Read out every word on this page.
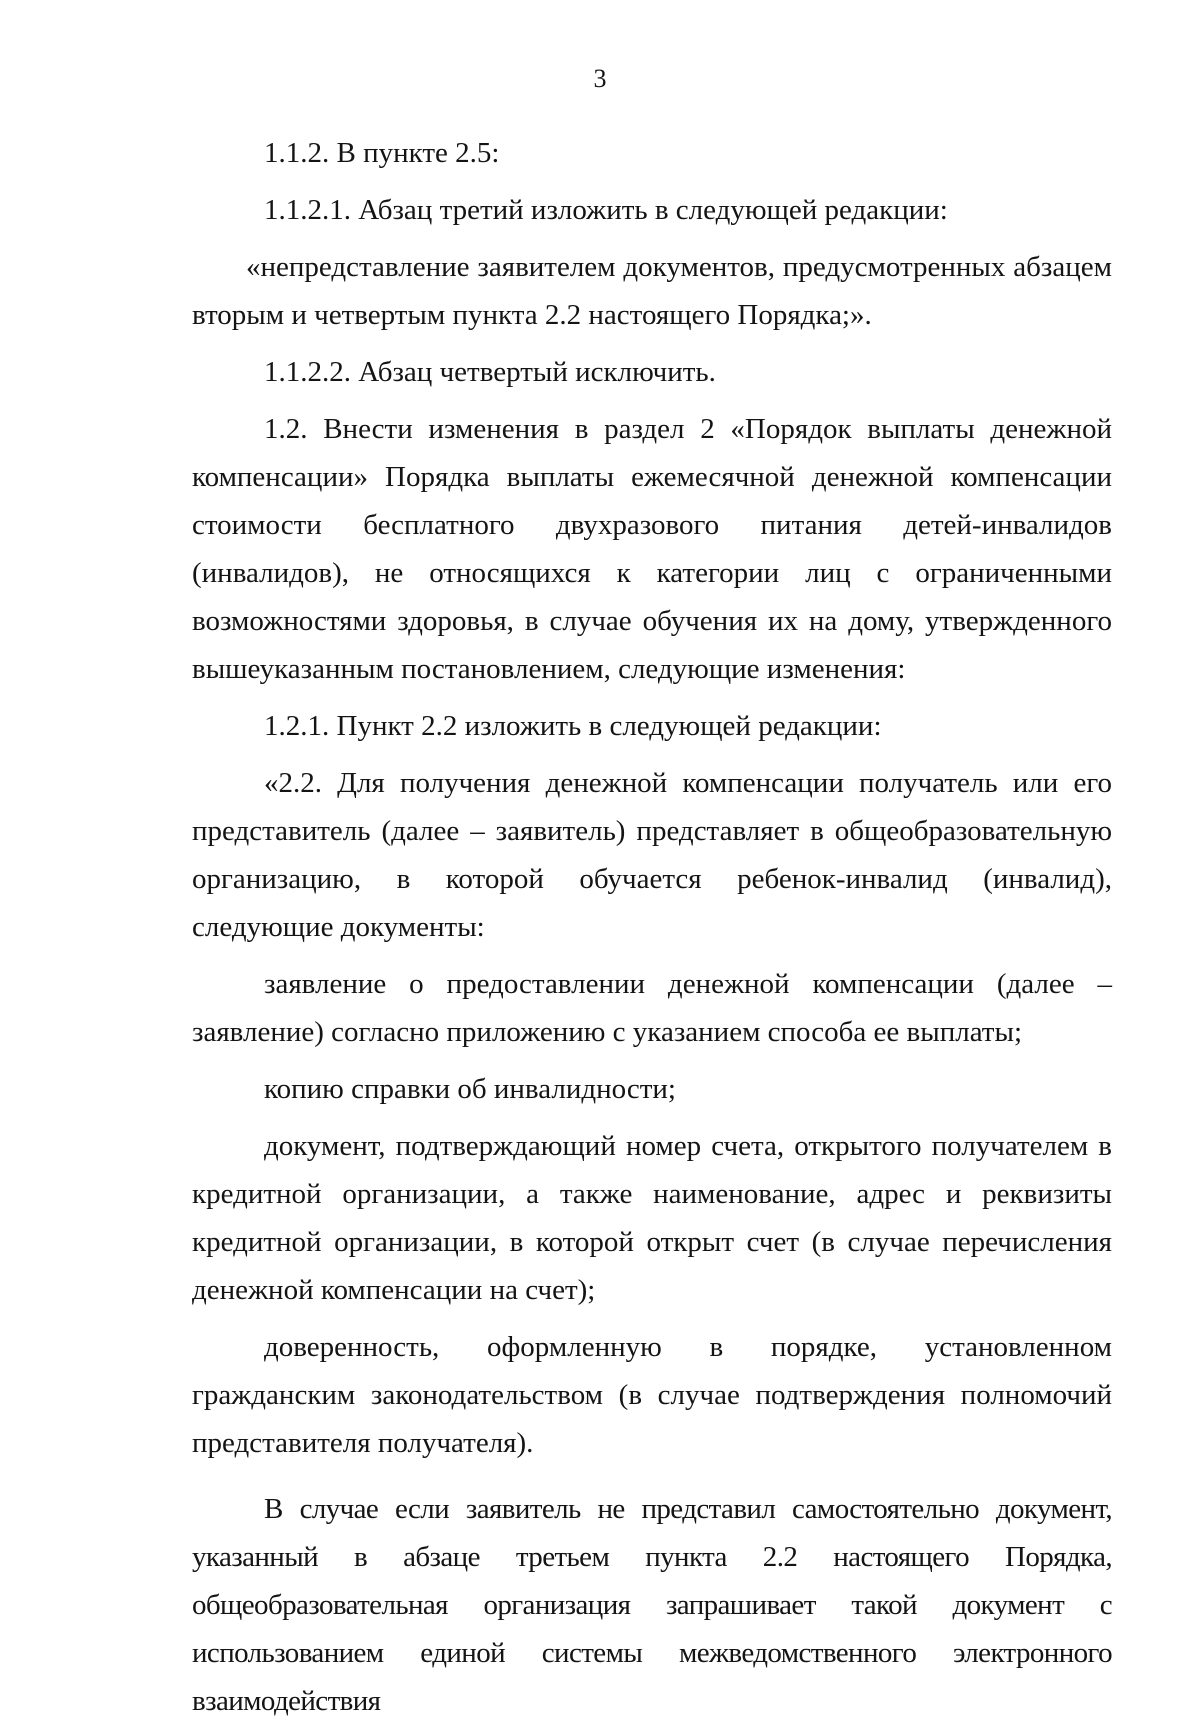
3

1.1.2. В пункте 2.5:

1.1.2.1. Абзац третий изложить в следующей редакции:

«непредставление заявителем документов, предусмотренных абзацем вторым и четвертым пункта 2.2 настоящего Порядка;».

1.1.2.2. Абзац четвертый исключить.

1.2. Внести изменения в раздел 2 «Порядок выплаты денежной компенсации» Порядка выплаты ежемесячной денежной компенсации стоимости бесплатного двухразового питания детей-инвалидов (инвалидов), не относящихся к категории лиц с ограниченными возможностями здоровья, в случае обучения их на дому, утвержденного вышеуказанным постановлением, следующие изменения:

1.2.1. Пункт 2.2 изложить в следующей редакции:

«2.2. Для получения денежной компенсации получатель или его представитель (далее – заявитель) представляет в общеобразовательную организацию, в которой обучается ребенок-инвалид (инвалид), следующие документы:

заявление о предоставлении денежной компенсации (далее – заявление) согласно приложению с указанием способа ее выплаты;

копию справки об инвалидности;

документ, подтверждающий номер счета, открытого получателем в кредитной организации, а также наименование, адрес и реквизиты кредитной организации, в которой открыт счет (в случае перечисления денежной компенсации на счет);

доверенность, оформленную в порядке, установленном гражданским законодательством (в случае подтверждения полномочий представителя получателя).

В случае если заявитель не представил самостоятельно документ, указанный в абзаце третьем пункта 2.2 настоящего Порядка, общеобразовательная организация запрашивает такой документ с использованием единой системы межведомственного электронного взаимодействия
